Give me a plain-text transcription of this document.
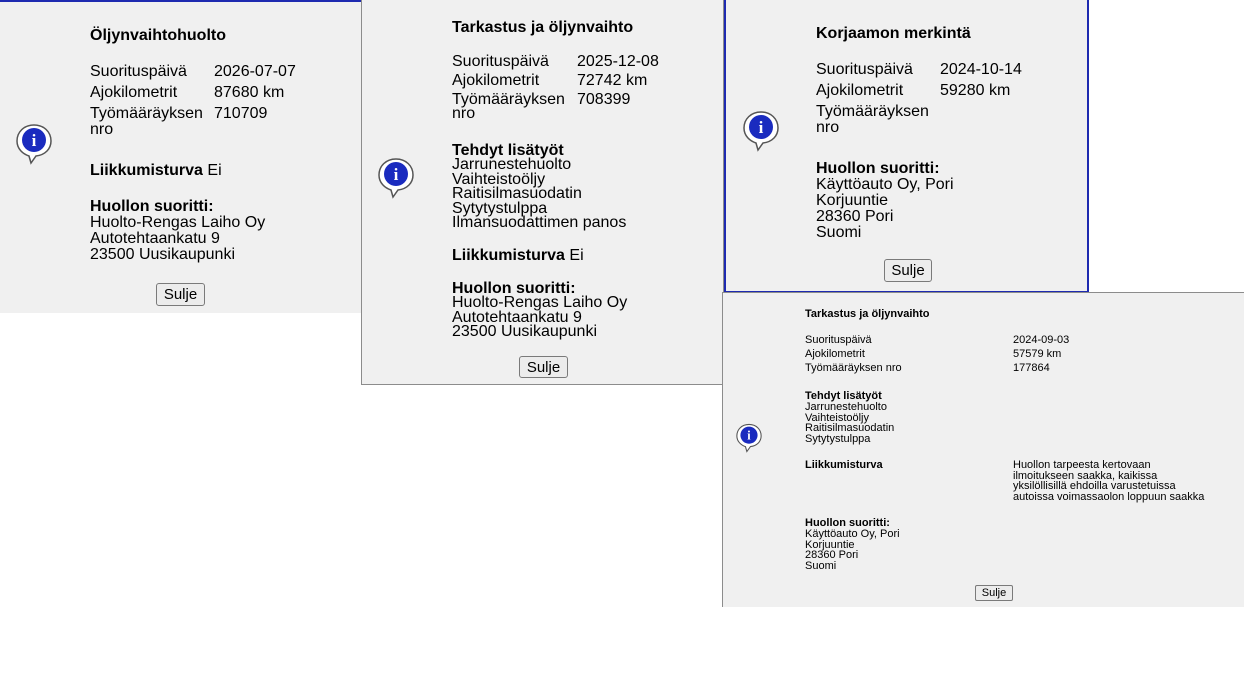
i
Öljynvaihtohuolto
Suorituspäivä 2026-07-07
Ajokilometrit 87680 km
Työmääräyksen
nro
710709
Liikkumisturva Ei
Huollon suoritti:
Huolto-Rengas Laiho Oy
Autotehtaankatu 9
23500 Uusikaupunki
Sulje
i
Tarkastus ja öljynvaihto
Suorituspäivä 2025-12-08
Ajokilometrit 72742 km
Työmääräyksen
nro
708399
Tehdyt lisätyöt
Jarrunestehuolto
Vaihteistoöljy
Raitisilmasuodatin
Sytytystulppa
Ilmansuodattimen panos
Liikkumisturva Ei
Huollon suoritti:
Huolto-Rengas Laiho Oy
Autotehtaankatu 9
23500 Uusikaupunki
Sulje
i
Korjaamon merkintä
Suorituspäivä 2024-10-14
Ajokilometrit 59280 km
Työmääräyksen
nro
Huollon suoritti:
Käyttöauto Oy, Pori
Korjuuntie
28360 Pori
Suomi
Sulje
i
Tarkastus ja öljynvaihto
Suorituspäivä	2024-09-03
Ajokilometrit	57579 km
Työmääräyksen nro	177864
Tehdyt lisätyöt
Jarrunestehuolto
Vaihteistoöljy
Raitisilmasuodatin
Sytytystulppa
Liikkumisturva	Huollon tarpeesta kertovaan
ilmoitukseen saakka, kaikissa
yksilöllisillä ehdoilla varustetuissa
autoissa voimassaolon loppuun saakka
Huollon suoritti:
Käyttöauto Oy, Pori
Korjuuntie
28360 Pori
Suomi
Sulje
